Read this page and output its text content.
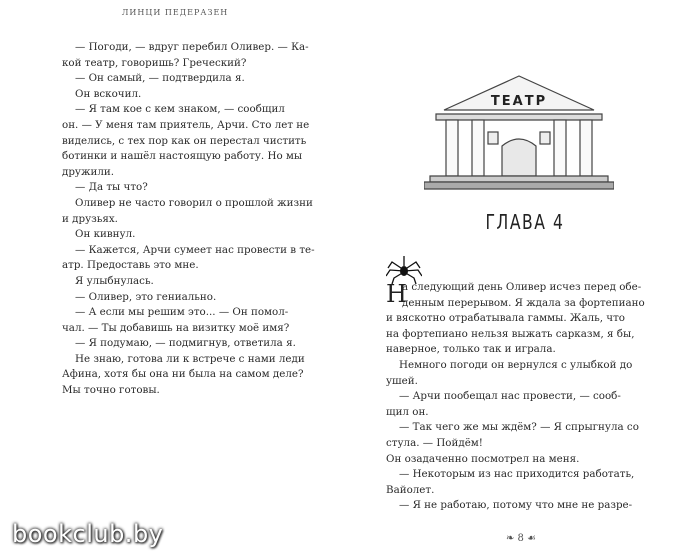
ЛИНЦИ ПЕДЕРАЗЕН
— Погоди, — вдруг перебил Оливер. — Ка-
кой театр, говоришь? Греческий?
— Он самый, — подтвердила я.
Он вскочил.
— Я там кое с кем знаком, — сообщил
он. — У меня там приятель, Арчи. Сто лет не
виделись, с тех пор как он перестал чистить
ботинки и нашёл настоящую работу. Но мы
дружили.
— Да ты что?
Оливер не часто говорил о прошлой жизни
и друзьях.
Он кивнул.
— Кажется, Арчи сумеет нас провести в те-
атр. Предоставь это мне.
Я улыбнулась.
— Оливер, это гениально.
— А если мы решим это... — Он помол-
чал. — Ты добавишь на визитку моё имя?
— Я подумаю, — подмигнув, ответила я.
Не знаю, готова ли к встрече с нами леди
Афина, хотя бы она ни была на самом деле?
Мы точно готовы.
ТЕАТР
ГЛАВА 4
Н
а следующий день Оливер исчез перед обе-
денным перерывом. Я ждала за фортепиано
и вяскотно отрабатывала гаммы. Жаль, что
на фортепиано нельзя выжать сарказм, я бы,
наверное, только так и играла.
Немного погоди он вернулся с улыбкой до
ушей.
— Арчи пообещал нас провести, — сооб-
щил он.
— Так чего же мы ждём? — Я спрыгнула со
стула. — Пойдём!
Он озадаченно посмотрел на меня.
— Некоторым из нас приходится работать,
Вайолет.
— Я не работаю, потому что мне не разре-
❧ 8 ☙
bookclub.by
